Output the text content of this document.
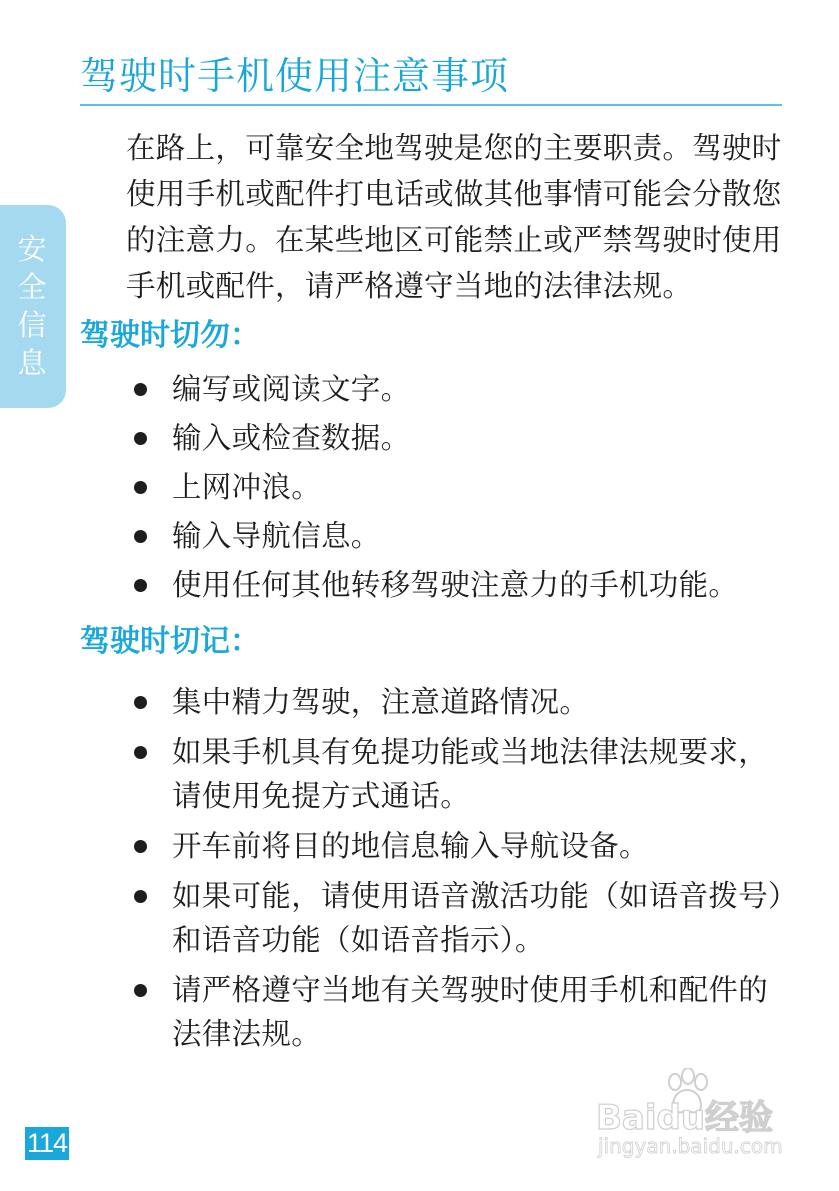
驾驶时手机使用注意事项
安全信息

在路上，可靠安全地驾驶是您的主要职责。驾驶时使用手机或配件打电话或做其他事情可能会分散您的注意力。在某些地区可能禁止或严禁驾驶时使用手机或配件，请严格遵守当地的法律法规。

驾驶时切勿：
编写或阅读文字。
输入或检查数据。
上网冲浪。
输入导航信息。
使用任何其他转移驾驶注意力的手机功能。
驾驶时切记：
集中精力驾驶，注意道路情况。
如果手机具有免提功能或当地法律法规要求，请使用免提方式通话。
开车前将目的地信息输入导航设备。
如果可能，请使用语音激活功能（如语音拨号）和语音功能（如语音指示）。
请严格遵守当地有关驾驶时使用手机和配件的法律法规。
Baidu经验
jingyan.baidu.com
114
